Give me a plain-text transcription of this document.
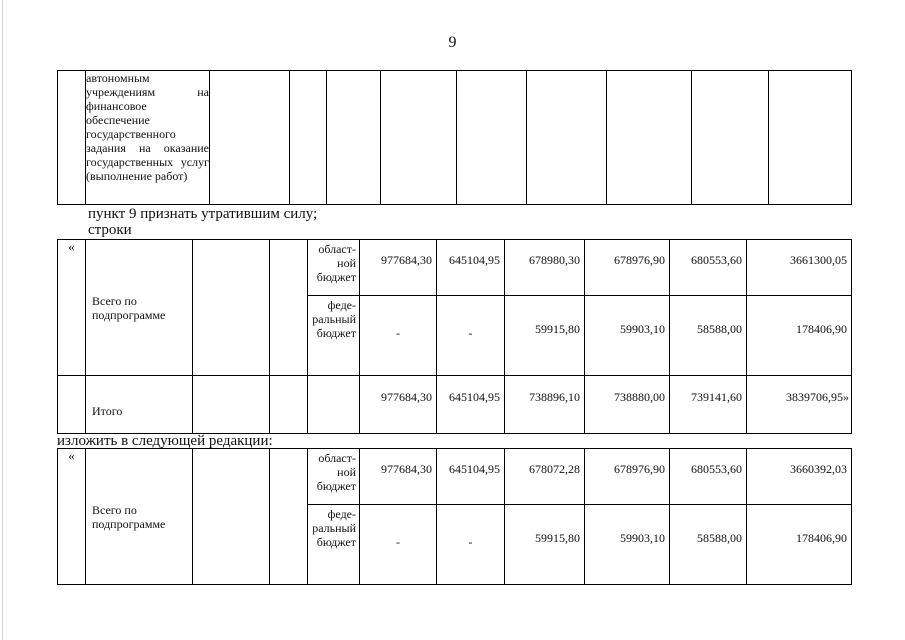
9
	автономным учреждениям на финансовое обеспечение государственного задания на оказание государственных услуг (выполнение работ)									
пункт 9 признать утратившим силу;
строки
«	Всего по подпрограмме			област-ной бюджет	977684,30	645104,95	678980,30	678976,90	680553,60	3661300,05
				феде-ральный бюджет	-	-	59915,80	59903,10	58588,00	178406,90
	Итого				977684,30	645104,95	738896,10	738880,00	739141,60	3839706,95»
изложить в следующей редакции:
«	Всего по подпрограмме			област-ной бюджет	977684,30	645104,95	678072,28	678976,90	680553,60	3660392,03
				феде-ральный бюджет	-	-	59915,80	59903,10	58588,00	178406,90
